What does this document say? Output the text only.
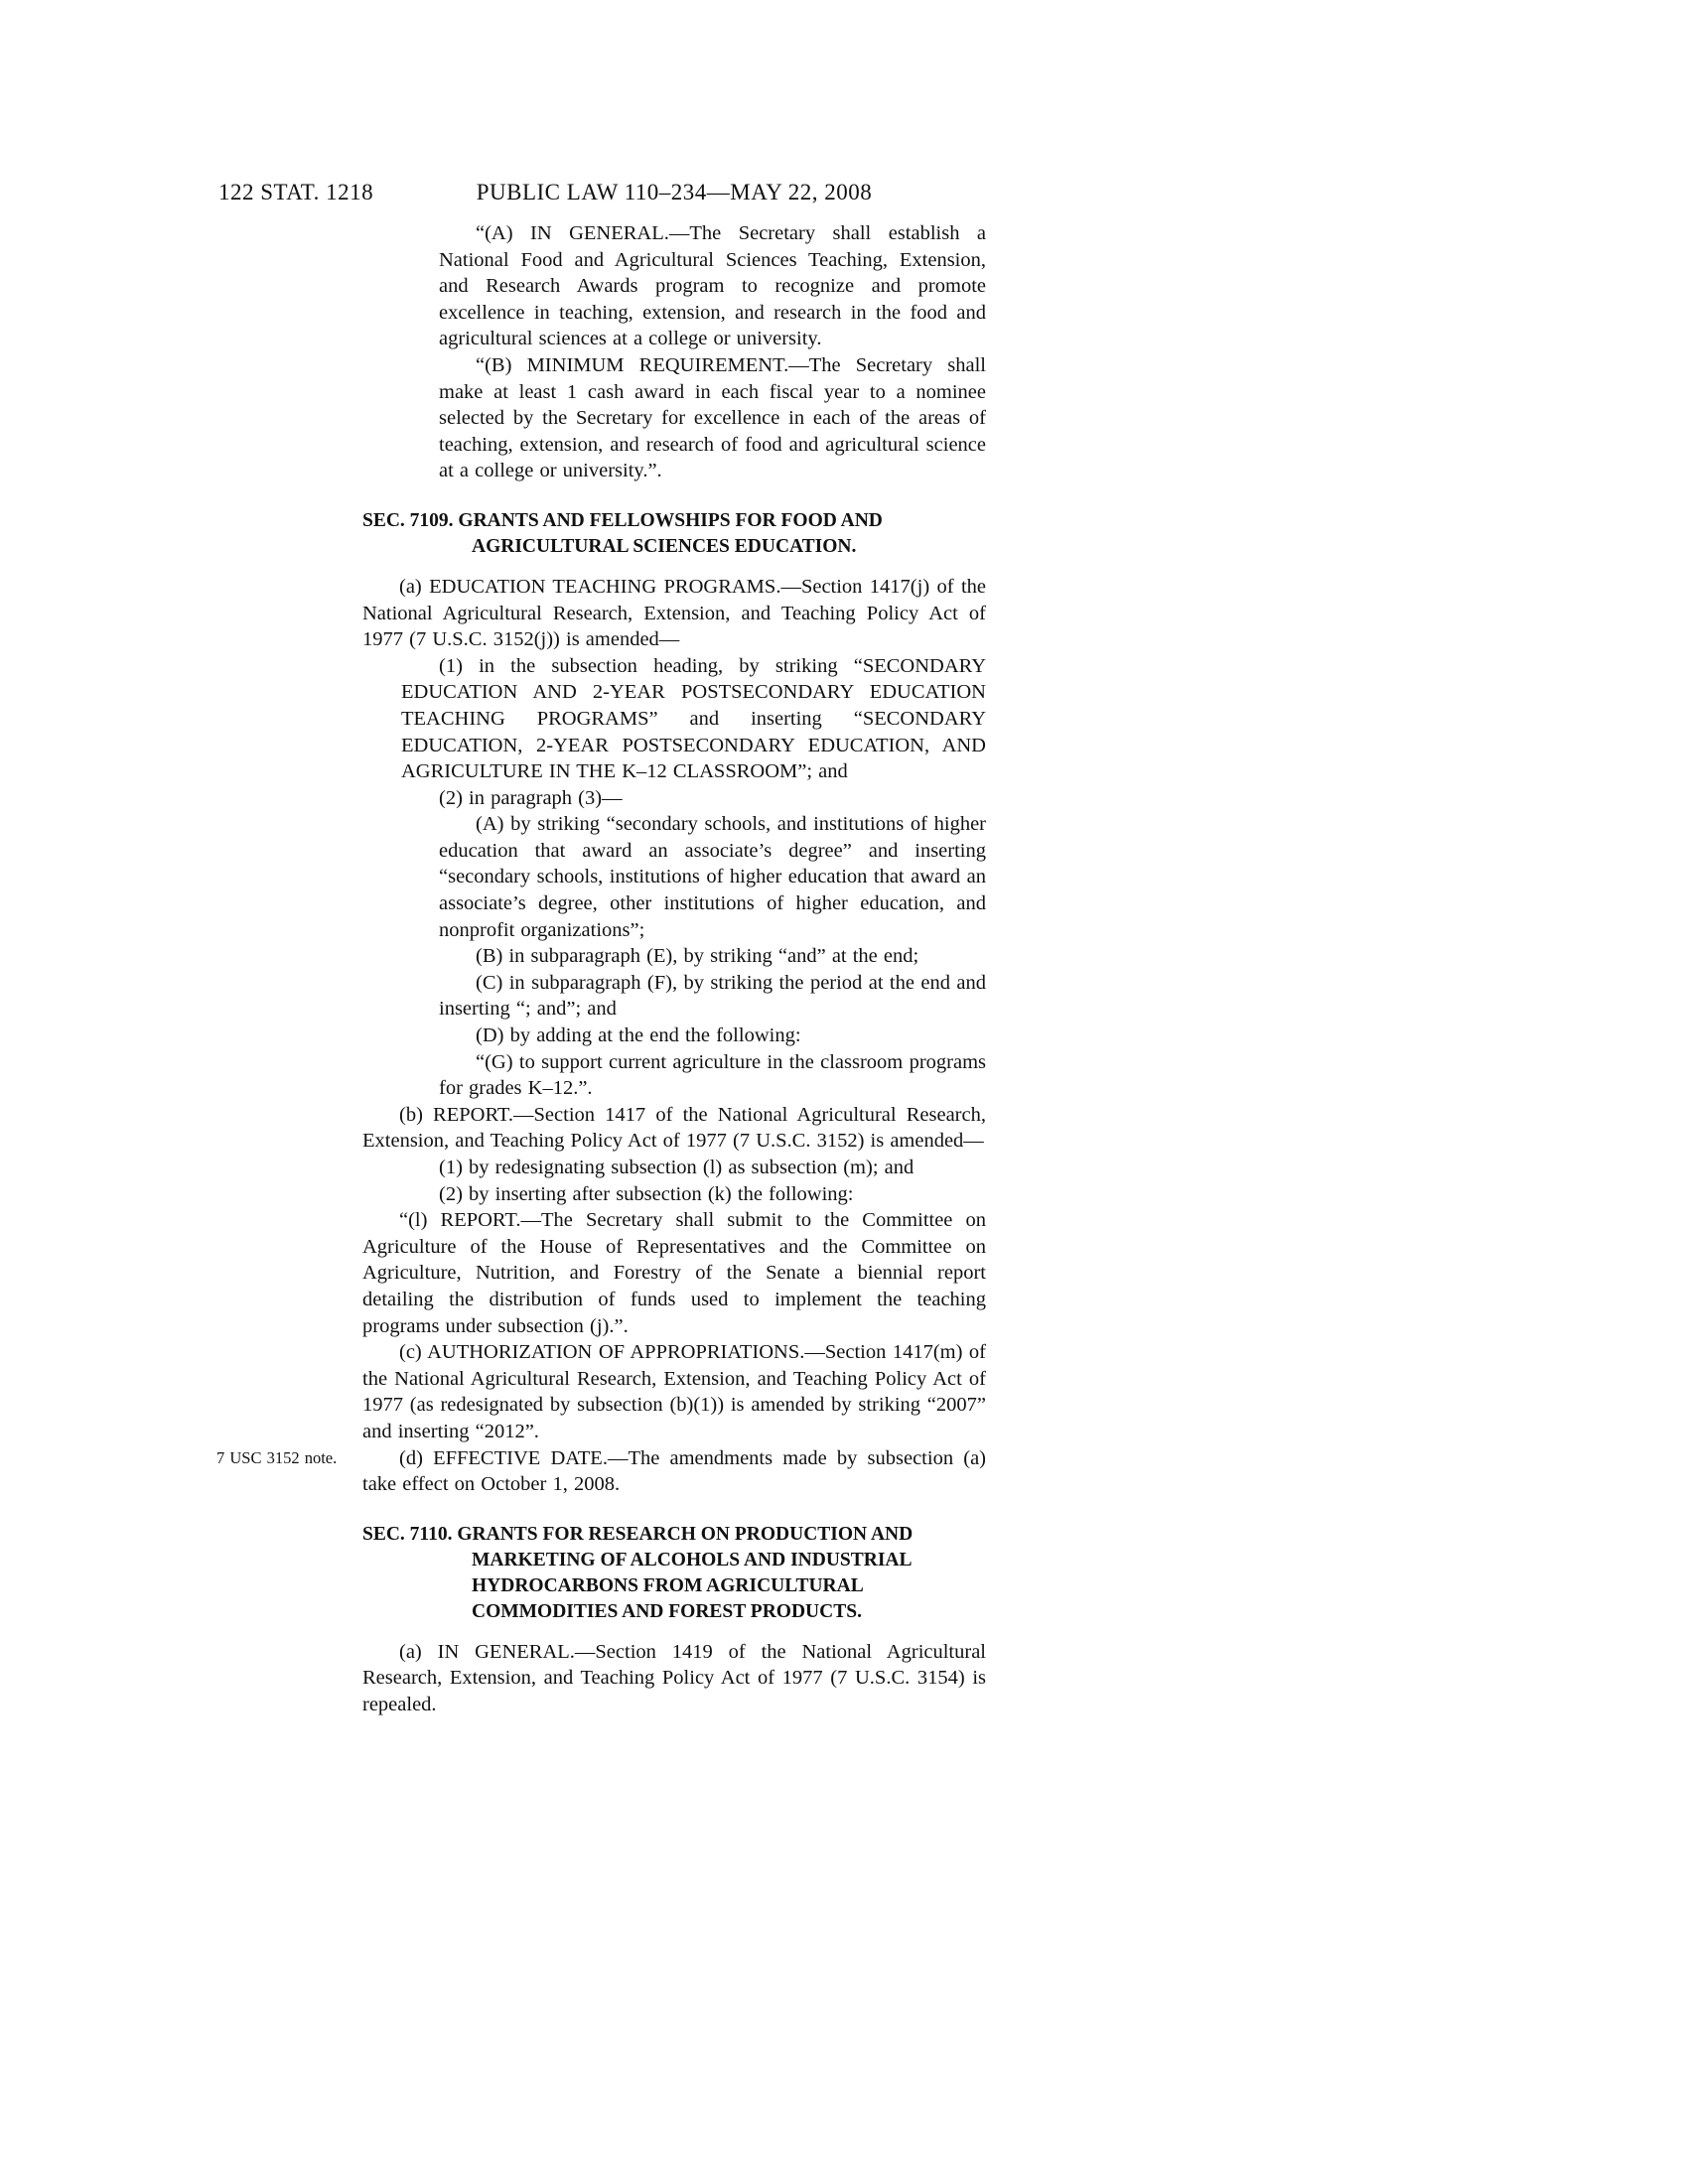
122 STAT. 1218	PUBLIC LAW 110–234—MAY 22, 2008

“(A) IN GENERAL.—The Secretary shall establish a National Food and Agricultural Sciences Teaching, Extension, and Research Awards program to recognize and promote excellence in teaching, extension, and research in the food and agricultural sciences at a college or university.

“(B) MINIMUM REQUIREMENT.—The Secretary shall make at least 1 cash award in each fiscal year to a nominee selected by the Secretary for excellence in each of the areas of teaching, extension, and research of food and agricultural science at a college or university.”.

SEC. 7109. GRANTS AND FELLOWSHIPS FOR FOOD AND AGRICULTURAL SCIENCES EDUCATION.

(a) EDUCATION TEACHING PROGRAMS.—Section 1417(j) of the National Agricultural Research, Extension, and Teaching Policy Act of 1977 (7 U.S.C. 3152(j)) is amended—

(1) in the subsection heading, by striking “SECONDARY EDUCATION AND 2-YEAR POSTSECONDARY EDUCATION TEACHING PROGRAMS” and inserting “SECONDARY EDUCATION, 2-YEAR POSTSECONDARY EDUCATION, AND AGRICULTURE IN THE K–12 CLASSROOM”; and

(2) in paragraph (3)—

(A) by striking “secondary schools, and institutions of higher education that award an associate’s degree” and inserting “secondary schools, institutions of higher education that award an associate’s degree, other institutions of higher education, and nonprofit organizations”;

(B) in subparagraph (E), by striking “and” at the end;

(C) in subparagraph (F), by striking the period at the end and inserting “; and”; and

(D) by adding at the end the following:

“(G) to support current agriculture in the classroom programs for grades K–12.”.

(b) REPORT.—Section 1417 of the National Agricultural Research, Extension, and Teaching Policy Act of 1977 (7 U.S.C. 3152) is amended—

(1) by redesignating subsection (l) as subsection (m); and

(2) by inserting after subsection (k) the following:

“(l) REPORT.—The Secretary shall submit to the Committee on Agriculture of the House of Representatives and the Committee on Agriculture, Nutrition, and Forestry of the Senate a biennial report detailing the distribution of funds used to implement the teaching programs under subsection (j).”.

(c) AUTHORIZATION OF APPROPRIATIONS.—Section 1417(m) of the National Agricultural Research, Extension, and Teaching Policy Act of 1977 (as redesignated by subsection (b)(1)) is amended by striking “2007” and inserting “2012”.

(d) EFFECTIVE DATE.—The amendments made by subsection (a) take effect on October 1, 2008.
7 USC 3152 note.

SEC. 7110. GRANTS FOR RESEARCH ON PRODUCTION AND MARKETING OF ALCOHOLS AND INDUSTRIAL HYDROCARBONS FROM AGRICULTURAL COMMODITIES AND FOREST PRODUCTS.

(a) IN GENERAL.—Section 1419 of the National Agricultural Research, Extension, and Teaching Policy Act of 1977 (7 U.S.C. 3154) is repealed.
